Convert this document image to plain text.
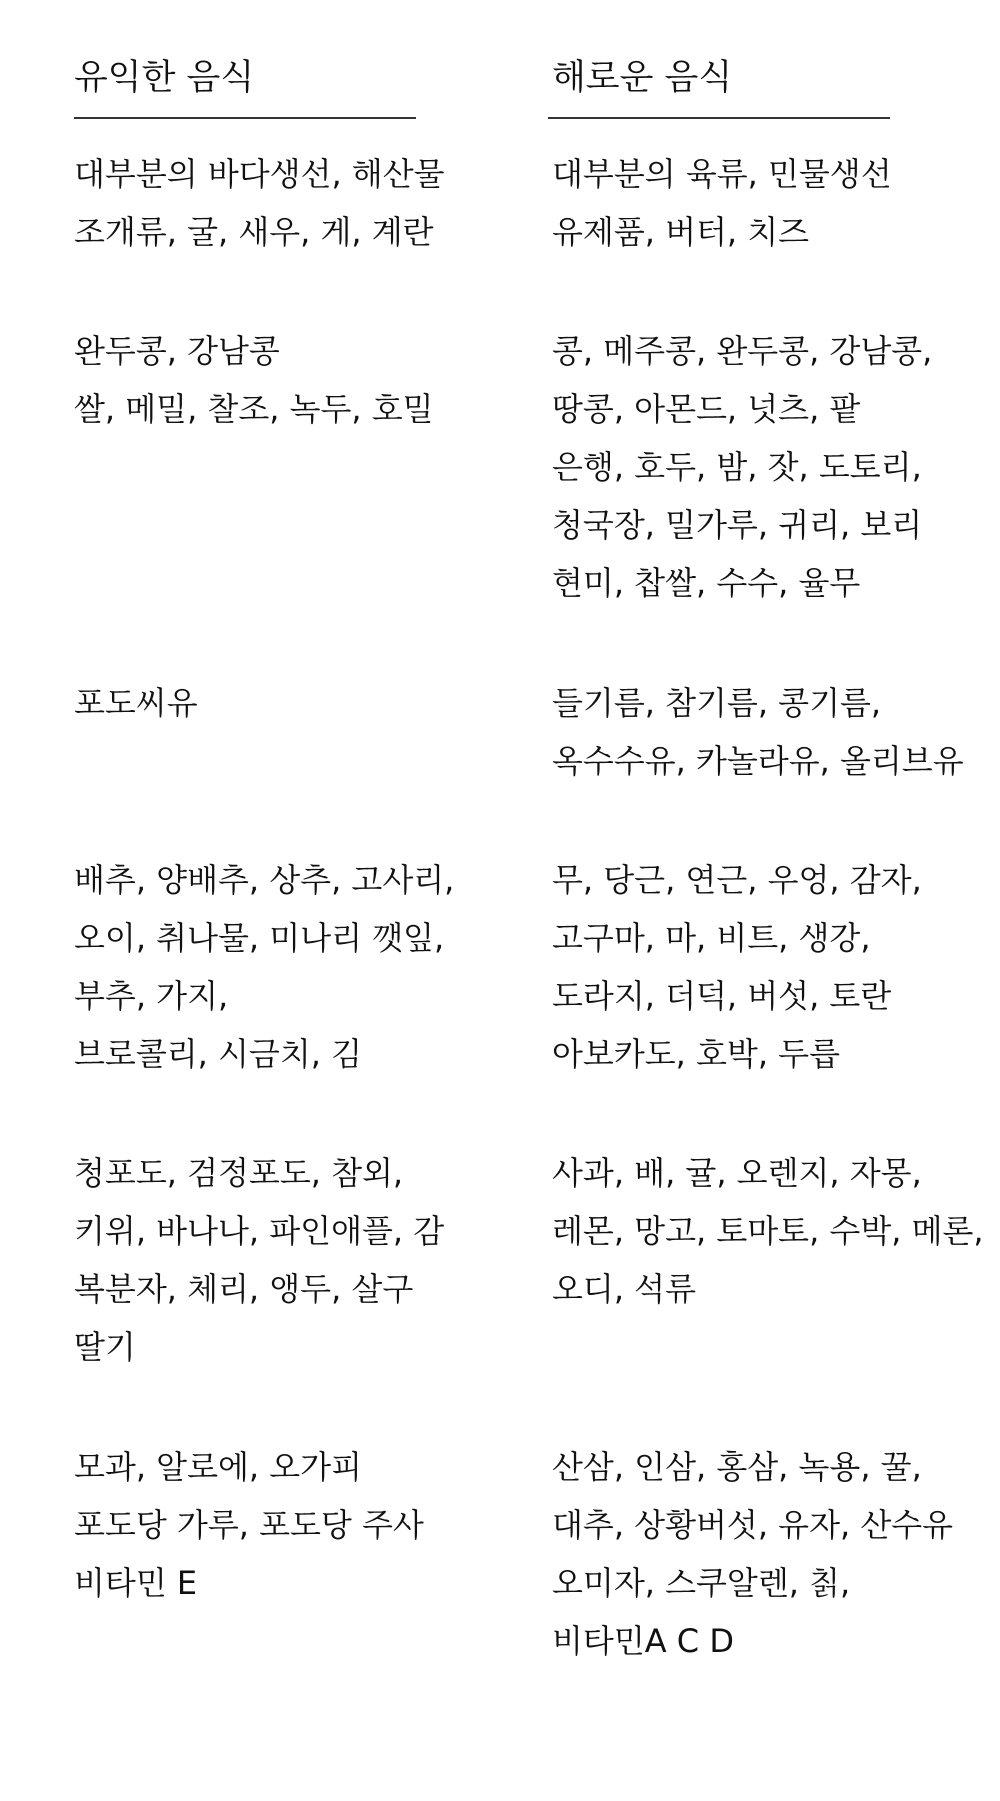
유익한 음식
대부분의 바다생선, 해산물
조개류, 굴, 새우, 게, 계란
완두콩, 강남콩
쌀, 메밀, 찰조, 녹두, 호밀
포도씨유
배추, 양배추, 상추, 고사리,
오이, 취나물, 미나리 깻잎,
부추, 가지,
브로콜리, 시금치, 김
청포도, 검정포도, 참외,
키위, 바나나, 파인애플, 감
복분자, 체리, 앵두, 살구
딸기
모과, 알로에, 오가피
포도당 가루, 포도당 주사
비타민 E
해로운 음식
대부분의 육류, 민물생선
유제품, 버터, 치즈
콩, 메주콩, 완두콩, 강남콩,
땅콩, 아몬드, 넛츠, 팥
은행, 호두, 밤, 잣, 도토리,
청국장, 밀가루, 귀리, 보리
현미, 찹쌀, 수수, 율무
들기름, 참기름, 콩기름,
옥수수유, 카놀라유, 올리브유
무, 당근, 연근, 우엉, 감자,
고구마, 마, 비트, 생강,
도라지, 더덕, 버섯, 토란
아보카도, 호박, 두릅
사과, 배, 귤, 오렌지, 자몽,
레몬, 망고, 토마토, 수박, 메론,
오디, 석류
산삼, 인삼, 홍삼, 녹용, 꿀,
대추, 상황버섯, 유자, 산수유
오미자, 스쿠알렌, 칡,
비타민A C D
